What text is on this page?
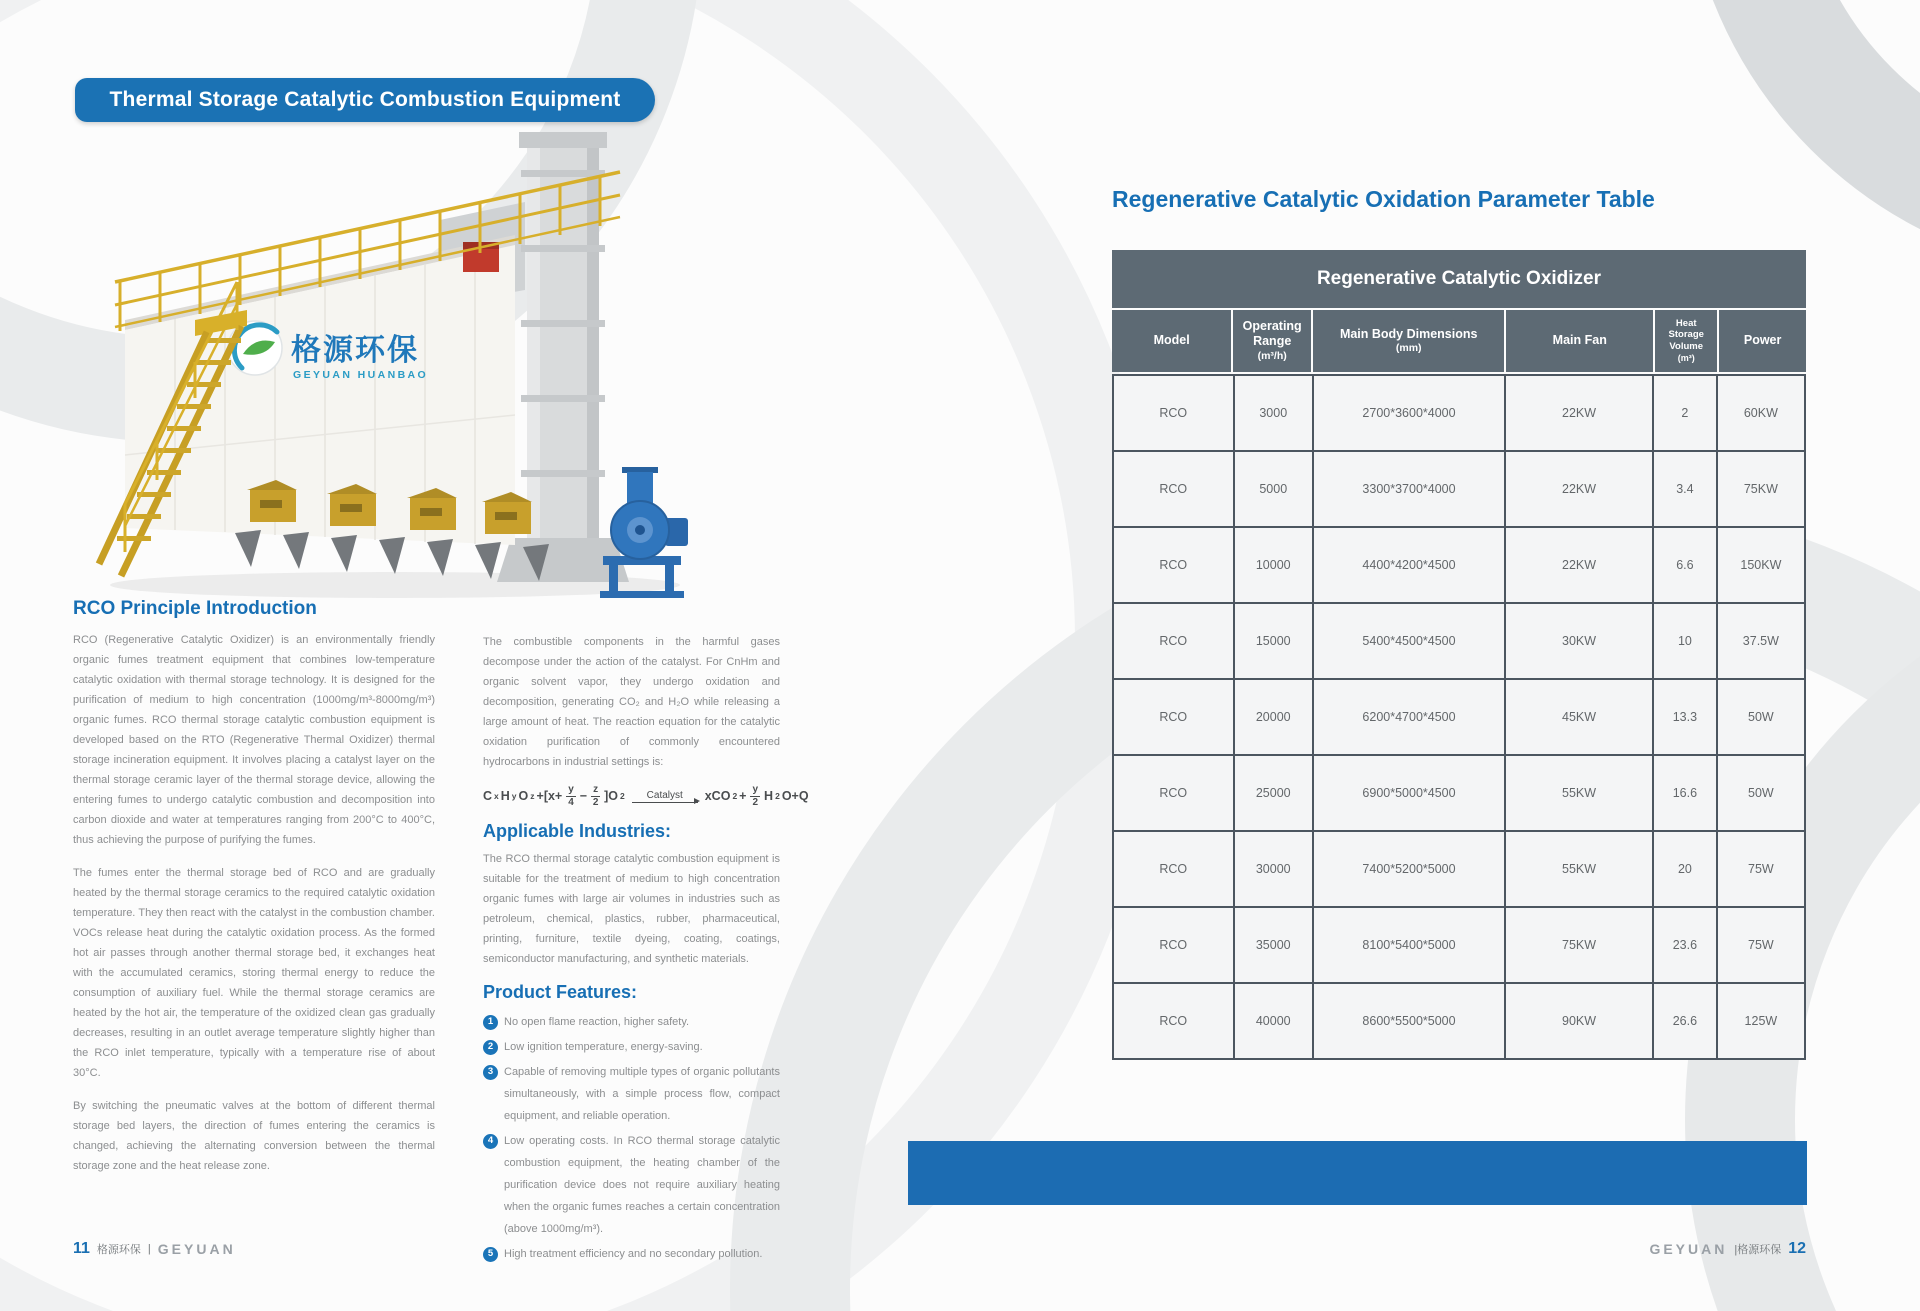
Thermal Storage Catalytic Combustion Equipment
格源环保
GEYUAN HUANBAO
RCO Principle Introduction

RCO (Regenerative Catalytic Oxidizer) is an environmentally friendly organic fumes treatment equipment that combines low-temperature catalytic oxidation with thermal storage technology. It is designed for the purification of medium to high concentration (1000mg/m³-8000mg/m³) organic fumes. RCO thermal storage catalytic combustion equipment is developed based on the RTO (Regenerative Thermal Oxidizer) thermal storage incineration equipment. It involves placing a catalyst layer on the thermal storage ceramic layer of the thermal storage device, allowing the entering fumes to undergo catalytic combustion and decomposition into carbon dioxide and water at temperatures ranging from 200°C to 400°C, thus achieving the purpose of purifying the fumes.

The fumes enter the thermal storage bed of RCO and are gradually heated by the thermal storage ceramics to the required catalytic oxidation temperature. They then react with the catalyst in the combustion chamber. VOCs release heat during the catalytic oxidation process. As the formed hot air passes through another thermal storage bed, it exchanges heat with the accumulated ceramics, storing thermal energy to reduce the consumption of auxiliary fuel. While the thermal storage ceramics are heated by the hot air, the temperature of the oxidized clean gas gradually decreases, resulting in an outlet average temperature slightly higher than the RCO inlet temperature, typically with a temperature rise of about 30°C.

By switching the pneumatic valves at the bottom of different thermal storage bed layers, the direction of fumes entering the ceramics is changed, achieving the alternating conversion between the thermal storage zone and the heat release zone.

The combustible components in the harmful gases decompose under the action of the catalyst. For CnHm and organic solvent vapor, they undergo oxidation and decomposition, generating CO₂ and H₂O while releasing a large amount of heat. The reaction equation for the catalytic oxidation purification of commonly encountered hydrocarbons in industrial settings is:

C x H y O $z +[x+ \frac{y}{4} - \frac{z}{2} ]O$ 2 Catalyst xCO $2 + \frac{y}{2}$ H 2 O+Q
Applicable Industries:

The RCO thermal storage catalytic combustion equipment is suitable for the treatment of medium to high concentration organic fumes with large air volumes in industries such as petroleum, chemical, plastics, rubber, pharmaceutical, printing, furniture, textile dyeing, coating, coatings, semiconductor manufacturing, and synthetic materials.

Product Features:
1 No open flame reaction, higher safety.
2 Low ignition temperature, energy-saving.
3 Capable of removing multiple types of organic pollutants simultaneously, with a simple process flow, compact equipment, and reliable operation.
4 Low operating costs. In RCO thermal storage catalytic combustion equipment, the heating chamber of the purification device does not require auxiliary heating when the organic fumes reaches a certain concentration (above 1000mg/m³).
5 High treatment efficiency and no secondary pollution.
11 格源环保 | GEYUAN
Regenerative Catalytic Oxidation Parameter Table
Regenerative Catalytic Oxidizer
Model
Operating Range
(m³/h)
Main Body Dimensions
(mm)
Main Fan
Heat Storage Volume
(m³)
Power
RCO	3000	2700*3600*4000	22KW	2	60KW
RCO	5000	3300*3700*4000	22KW	3.4	75KW
RCO	10000	4400*4200*4500	22KW	6.6	150KW
RCO	15000	5400*4500*4500	30KW	10	37.5W
RCO	20000	6200*4700*4500	45KW	13.3	50W
RCO	25000	6900*5000*4500	55KW	16.6	50W
RCO	30000	7400*5200*5000	55KW	20	75W
RCO	35000	8100*5400*5000	75KW	23.6	75W
RCO	40000	8600*5500*5000	90KW	26.6	125W
GEYUAN |格源环保 12
